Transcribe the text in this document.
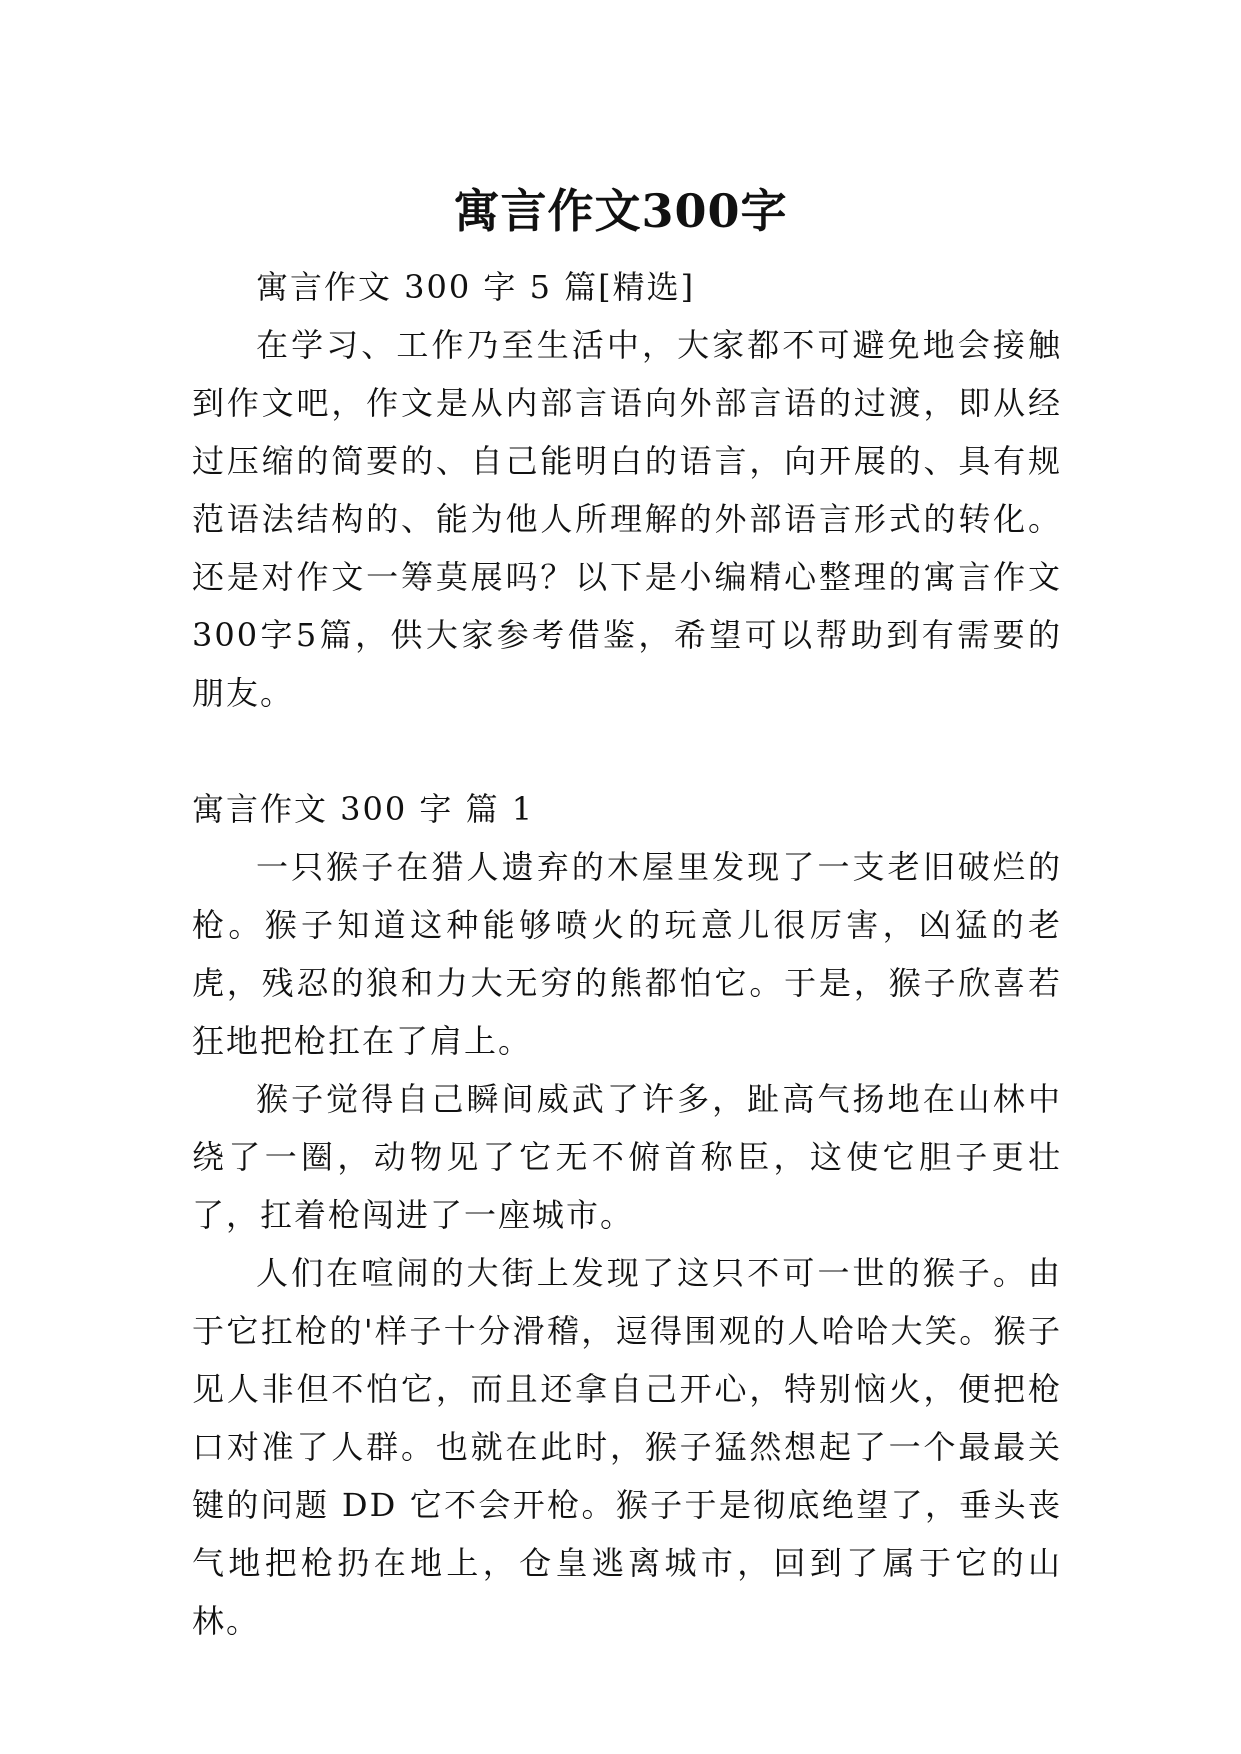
寓言作文300字

寓言作文 300 字 5 篇[精选]

在学习、工作乃至生活中，大家都不可避免地会接触到作文吧，作文是从内部言语向外部言语的过渡，即从经过压缩的简要的、自己能明白的语言，向开展的、具有规范语法结构的、能为他人所理解的外部语言形式的转化。还是对作文一筹莫展吗？以下是小编精心整理的寓言作文300字5篇，供大家参考借鉴，希望可以帮助到有需要的朋友。

寓言作文 300 字 篇 1

一只猴子在猎人遗弃的木屋里发现了一支老旧破烂的枪。猴子知道这种能够喷火的玩意儿很厉害，凶猛的老虎，残忍的狼和力大无穷的熊都怕它。于是，猴子欣喜若狂地把枪扛在了肩上。

猴子觉得自己瞬间威武了许多，趾高气扬地在山林中绕了一圈，动物见了它无不俯首称臣，这使它胆子更壮了，扛着枪闯进了一座城市。

人们在喧闹的大街上发现了这只不可一世的猴子。由于它扛枪的'样子十分滑稽，逗得围观的人哈哈大笑。猴子见人非但不怕它，而且还拿自己开心，特别恼火，便把枪口对准了人群。也就在此时，猴子猛然想起了一个最最关键的问题 DD 它不会开枪。猴子于是彻底绝望了，垂头丧气地把枪扔在地上，仓皇逃离城市，回到了属于它的山林。
